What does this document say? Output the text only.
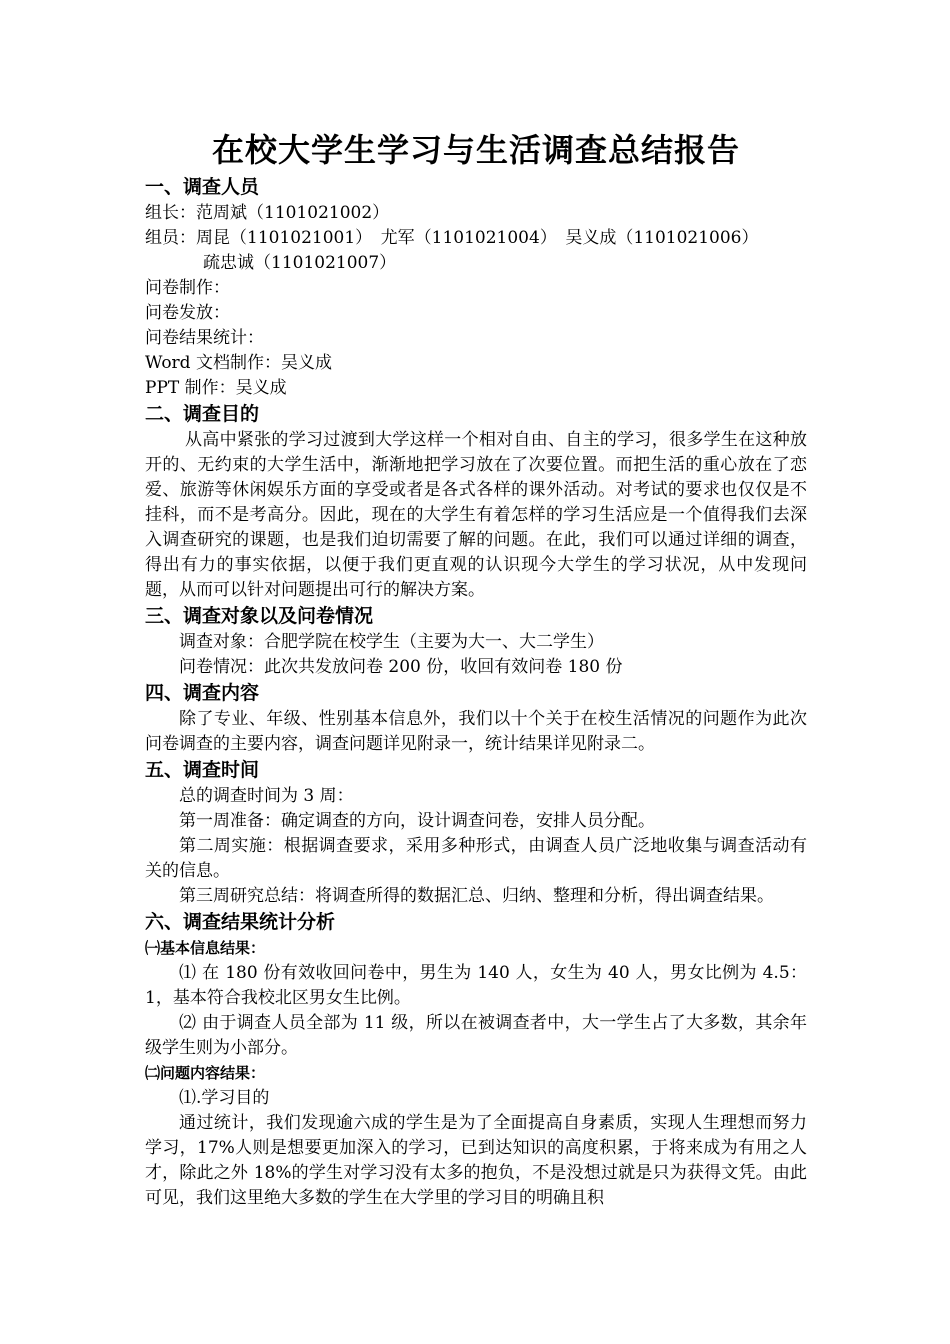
在校大学生学习与生活调查总结报告
一、调查人员

组长：范周斌（1101021002）

组员：周昆（1101021001）　尤军（1101021004）　吴义成（1101021006）

疏忠诚（1101021007）

问卷制作：

问卷发放：

问卷结果统计：

Word 文档制作：吴义成

PPT 制作：吴义成

二、调查目的

从高中紧张的学习过渡到大学这样一个相对自由、自主的学习，很多学生在这种放开的、无约束的大学生活中，渐渐地把学习放在了次要位置。而把生活的重心放在了恋爱、旅游等休闲娱乐方面的享受或者是各式各样的课外活动。对考试的要求也仅仅是不挂科，而不是考高分。因此，现在的大学生有着怎样的学习生活应是一个值得我们去深入调查研究的课题，也是我们迫切需要了解的问题。在此，我们可以通过详细的调查，得出有力的事实依据，以便于我们更直观的认识现今大学生的学习状况，从中发现问题，从而可以针对问题提出可行的解决方案。

三、调查对象以及问卷情况

调查对象：合肥学院在校学生（主要为大一、大二学生）

问卷情况：此次共发放问卷 200 份，收回有效问卷 180 份

四、调查内容

除了专业、年级、性别基本信息外，我们以十个关于在校生活情况的问题作为此次问卷调查的主要内容，调查问题详见附录一，统计结果详见附录二。

五、调查时间

总的调查时间为 3 周：

第一周准备：确定调查的方向，设计调查问卷，安排人员分配。

第二周实施：根据调查要求，采用多种形式，由调查人员广泛地收集与调查活动有关的信息。

第三周研究总结：将调查所得的数据汇总、归纳、整理和分析，得出调查结果。

六、调查结果统计分析
㈠基本信息结果：

⑴ 在 180 份有效收回问卷中，男生为 140 人，女生为 40 人，男女比例为 4.5：1，基本符合我校北区男女生比例。

⑵ 由于调查人员全部为 11 级，所以在被调查者中，大一学生占了大多数，其余年级学生则为小部分。

㈡问题内容结果：

⑴.学习目的

通过统计，我们发现逾六成的学生是为了全面提高自身素质，实现人生理想而努力学习，17%人则是想要更加深入的学习，已到达知识的高度积累，于将来成为有用之人才，除此之外 18%的学生对学习没有太多的抱负，不是没想过就是只为获得文凭。由此可见，我们这里绝大多数的学生在大学里的学习目的明确且积
